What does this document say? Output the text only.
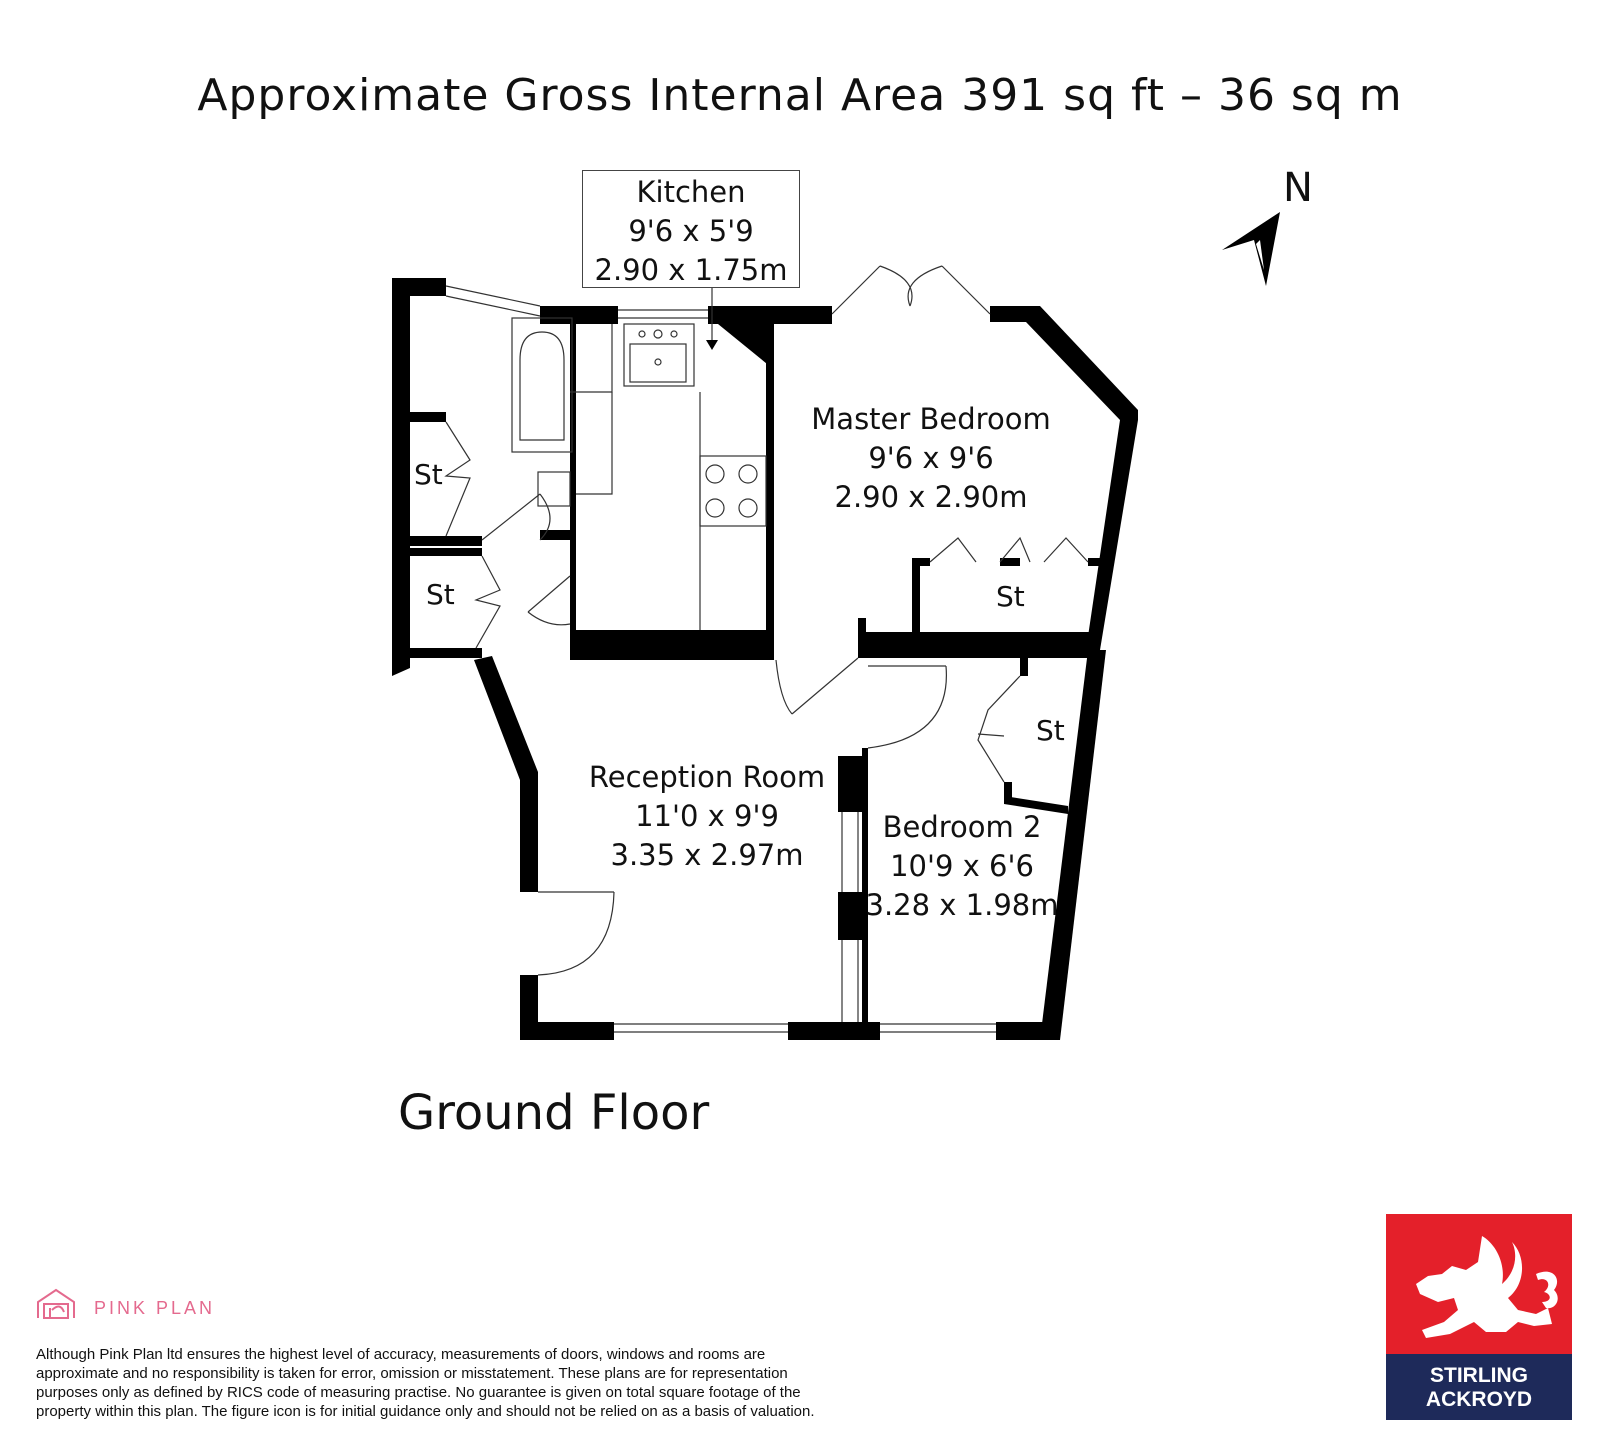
Approximate Gross Internal Area 391 sq ft – 36 sq m
Kitchen
9'6 x 5'9
2.90 x 1.75m
Master Bedroom
9'6 x 9'6
2.90 x 2.90m
Reception Room
11'0 x 9'9
3.35 x 2.97m
Bedroom 2
10'9 x 6'6
3.28 x 1.98m
St
St	St
St
N
Ground Floor
PINK PLAN
Although Pink Plan ltd ensures the highest level of accuracy, measurements of doors, windows and rooms are
approximate and no responsibility is taken for error, omission or misstatement. These plans are for representation
purposes only as defined by RICS code of measuring practise. No guarantee is given on total square footage of the
property within this plan. The figure icon is for initial guidance only and should not be relied on as a basis of valuation.
STIRLING
ACKROYD
